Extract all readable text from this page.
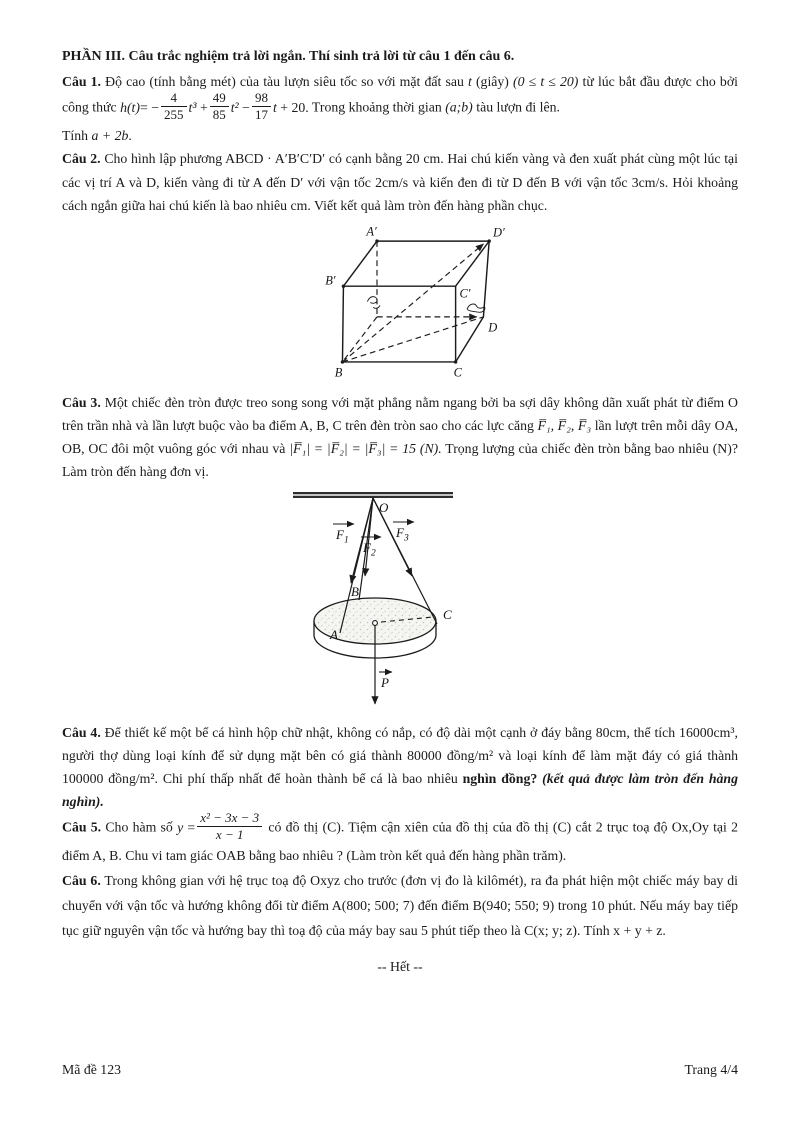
PHẦN III. Câu trắc nghiệm trả lời ngắn. Thí sinh trả lời từ câu 1 đến câu 6.

Câu 1. Độ cao (tính bằng mét) của tàu lượn siêu tốc so với mặt đất sau t (giây) (0 ≤ t ≤ 20) từ lúc bắt đầu được cho bởi công thức $h(t)= - \frac{4}{255} t^3 + \frac{49}{85} t^2 - \frac{98}{17}$ t + 20. Trong khoảng thời gian (a;b) tàu lượn đi lên.

Tính a + 2b.

Câu 2. Cho hình lập phương ABCD · A′B′C′D′ có cạnh bằng 20 cm. Hai chú kiến vàng và đen xuất phát cùng một lúc tại các vị trí A và D, kiến vàng đi từ A đến D′ với vận tốc 2cm/s và kiến đen đi từ D đến B với vận tốc 3cm/s. Hỏi khoảng cách ngắn giữa hai chú kiến là bao nhiêu cm. Viết kết quả làm tròn đến hàng phần chục.

A′	D′
B′
C′
B	C
D

Câu 3. Một chiếc đèn tròn được treo song song với mặt phẳng nằm ngang bởi ba sợi dây không dãn xuất phát từ điểm O trên trần nhà và lần lượt buộc vào ba điểm A, B, C trên đèn tròn sao cho các lực căng F̅₁, F̅₂, F̅₃ lần lượt trên mỗi dây OA, OB, OC đôi một vuông góc với nhau và |F̅₁| = |F̅₂| = |F̅₃| = 15 (N). Trọng lượng của chiếc đèn tròn bằng bao nhiêu (N)? Làm tròn đến hàng đơn vị.

O
$F_1$ $F_2$
$F_3$
A
B
C
P

Câu 4. Để thiết kế một bể cá hình hộp chữ nhật, không có nắp, có độ dài một cạnh ở đáy bằng 80cm, thể tích 16000cm³, người thợ dùng loại kính để sử dụng mặt bên có giá thành 80000 đồng/m² và loại kính để làm mặt đáy có giá thành 100000 đồng/m². Chi phí thấp nhất để hoàn thành bể cá là bao nhiêu nghìn đồng? (kết quả được làm tròn đến hàng nghìn).

Câu 5. Cho hàm số $y = \frac{\text{x² − 3x − 3}}{x - 1}$ có đồ thị (C). Tiệm cận xiên của đồ thị của đồ thị (C) cắt 2 trục toạ độ Ox,Oy tại 2 điểm A, B. Chu vi tam giác OAB bằng bao nhiêu ? (Làm tròn kết quả đến hàng phần trăm).

Câu 6. Trong không gian với hệ trục toạ độ Oxyz cho trước (đơn vị đo là kilômét), ra đa phát hiện một chiếc máy bay di chuyển với vận tốc và hướng không đổi từ điểm A(800; 500; 7) đến điểm B(940; 550; 9) trong 10 phút. Nếu máy bay tiếp tục giữ nguyên vận tốc và hướng bay thì toạ độ của máy bay sau 5 phút tiếp theo là C(x; y; z). Tính x + y + z.

-- Hết --

Mã đề 123	Trang 4/4
